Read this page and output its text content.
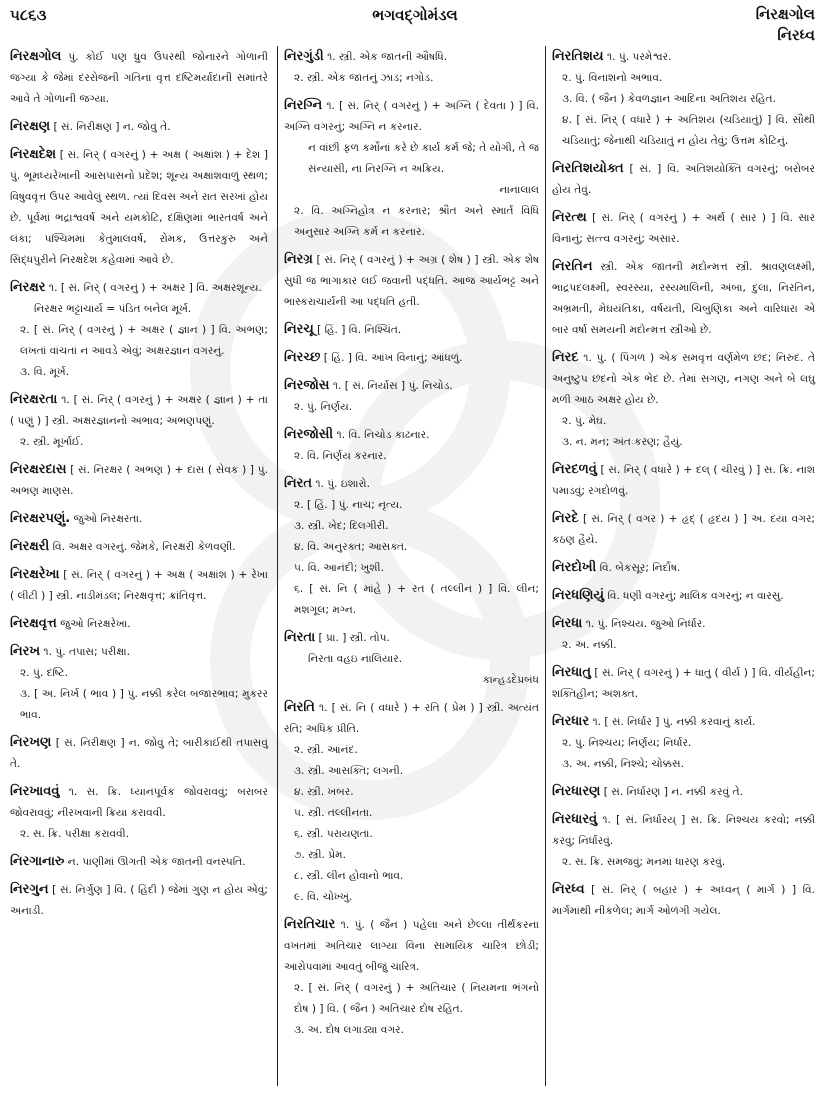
૫૮૬૩	ભગવદ્ગોમંડલ	નિરક્ષગોલ
નિરધ્વ
નિરક્ષગોલ પું. કોઈ પણ ધ્રુવ ઉપરથી જોનારને ગોળાની જગ્યા કે જેમાં દરરોજની ગતિના વૃત્ત દષ્ટિમર્યાદાની સમાંતરે આવે તે ગોળાની જગ્યા.
નિરક્ષણ [ સં. નિરીક્ષણ ] ન. જોવું તે.
નિરક્ષદેશ [ સં. નિર્ ( વગરનું ) + અક્ષ ( અક્ષાંશ ) + દેશ ] પું. ભૂમધ્યરેખાની આસપાસનો પ્રદેશ; શૂન્ય અક્ષાંશવાળું સ્થળ; વિષુવવૃત્ત ઉપર આવેલું સ્થળ. ત્યાં દિવસ અને રાત સરખાં હોય છે. પૂર્વમાં ભદ્રાશ્વવર્ષ અને યમકોટિ, દક્ષિણમાં ભારતવર્ષ અને લંકા; પશ્ચિમમાં કેતુમાલવર્ષ, રોમક, ઉત્તરકુરુ અને સિદ્ધપુરીને નિરક્ષદેશ કહેવામાં આવે છે.
નિરક્ષર ૧. [ સં. નિર્ ( વગરનું ) + અક્ષર ] વિ. અક્ષરશૂન્ય.
નિરક્ષર ભટ્ટાચાર્ય = પંડિત બનેલ મૂર્ખ.
૨. [ સં. નિર્ ( વગરનું ) + અક્ષર ( જ્ઞાન ) ] વિ. અભણ; લખતાં વાંચતાં ન આવડે એવું; અક્ષરજ્ઞાન વગરનું.
૩. વિ. મૂર્ખ.
નિરક્ષરતા ૧. [ સં. નિર્ ( વગરનું ) + અક્ષર ( જ્ઞાન ) + તા ( પણું ) ] સ્ત્રી. અક્ષરજ્ઞાનનો અભાવ; અભણપણું.
૨. સ્ત્રી. મૂર્ખાઈ.
નિરક્ષરદાસ [ સં. નિરક્ષર ( અભણ ) + દાસ ( સેવક ) ] પું. અભણ માણસ.
નિરક્ષરપણું. જુઓ નિરક્ષરતા.
નિરક્ષરી વિ. અક્ષર વગરનું. જેમકે, નિરક્ષરી કેળવણી.
નિરક્ષરેખા [ સં. નિર્ ( વગરનું ) + અક્ષ ( અક્ષાંશ ) + રેખા ( લીટી ) ] સ્ત્રી. નાડીમંડલ; નિરક્ષવૃત્ત; ક્રાંતિવૃત્ત.
નિરક્ષવૃત્ત જુઓ નિરક્ષરેખા.
નિરખ ૧. પું. તપાસ; પરીક્ષા.
૨. પું. દષ્ટિ.
૩. [ અ. નિર્ખ ( ભાવ ) ] પું. નક્કી કરેલ બજારભાવ; મુકરર ભાવ.
નિરખણ [ સં. નિરીક્ષણ ] ન. જોવું તે; બારીકાઈથી તપાસવું તે.
નિરખાવવું ૧. સ. ક્રિ. ધ્યાનપૂર્વક જોવરાવવું; બરાબર જોવરાવવું; નીરખવાની ક્રિયા કરાવવી.
૨. સ. ક્રિ. પરીક્ષા કરાવવી.
નિરગાનારુ ન. પાણીમાં ઊગતી એક જાતની વનસ્પતિ.
નિરગુન [ સં. નિર્ગુણ ] વિ. ( હિંદી ) જેમાં ગુણ ન હોય એવું; અનાડી.
નિરગુંડી ૧. સ્ત્રી. એક જાતની ઔષધિ.
૨. સ્ત્રી. એક જાતનું ઝાડ; નગોડ.
નિરગ્નિ ૧. [ સં. નિર્ ( વગરનું ) + અગ્નિ ( દેવતા ) ] વિ. અગ્નિ વગરનું; અગ્નિ ન કરનાર.
ન વાંછી ફળ કર્મોનાં કરે છે કાર્ય કર્મ જે; તે યોગી, તે જ સંન્યાસી, ના નિરગ્નિ ન અક્રિય.
નાનાલાલ
૨. વિ. અગ્નિહોત્ર ન કરનાર; શ્રૌત અને સ્માર્ત વિધિ અનુસાર અગ્નિ કર્મ ન કરનાર.
નિરગ્ર [ સં. નિર્ ( વગરનું ) + અગ્ર ( શેષ ) ] સ્ત્રી. એક શેષ સુધી જ ભાગાકાર લઈ જવાની પદ્ધતિ. આજ આર્યભટ્ટ અને ભાસ્કરાચાર્યની આ પદ્ધતિ હતી.
નિરચૂ [ હિં. ] વિ. નિશ્ચિંત.
નિરચ્છ [ હિં. ] વિ. આંખ વિનાનું; આંધળું.
નિરજોસ ૧. [ સં. નિર્યાસ ] પું. નિચોડ.
૨. પું. નિર્ણય.
નિરજોસી ૧. વિ. નિચોડ કાઢનાર.
૨. વિ. નિર્ણય કરનાર.
નિરત ૧. પું. ઇશારો.
૨. [ હિં. ] પું. નાચ; નૃત્ય.
૩. સ્ત્રી. ખેદ; દિલગીરી.
૪. વિ. અનુરક્ત; આસક્ત.
૫. વિ. આનંદી; ખુશી.
૬. [ સં. નિ ( માંહે ) + રત ( તલ્લીન ) ] વિ. લીન; મશગૂલ; મગ્ન.
નિરતા [ પ્રા. ] સ્ત્રી. તોપ.
નિરતા વહઇ નાલિયાર.
કાન્હડદેપ્રબંધ
નિરતિ ૧. [ સં. નિ ( વધારે ) + રતિ ( પ્રેમ ) ] સ્ત્રી. અત્યંત રતિ; અધિક પ્રીતિ.
૨. સ્ત્રી. આનંદ.
૩. સ્ત્રી. આસક્તિ; લગની.
૪. સ્ત્રી. ખબર.
૫. સ્ત્રી. તલ્લીનતા.
૬. સ્ત્રી. પરાયણતા.
૭. સ્ત્રી. પ્રેમ.
૮. સ્ત્રી. લીન હોવાનો ભાવ.
૯. વિ. ચોખ્ખું.
નિરતિચાર ૧. પું. ( જૈન ) પહેલા અને છેલ્લા તીર્થંકરના વખતમાં અતિચાર લાગ્યા વિના સામાયિક ચારિત્ર છોડી; આરોપવામાં આવતું બીજું ચારિત્ર.
૨. [ સં. નિર્ ( વગરનું ) + અતિચાર ( નિયમના ભંગનો દોષ ) ] વિ. ( જૈન ) અતિચાર દોષ રહિત.
૩. અ. દોષ લગાડ્યા વગર.
નિરતિશય ૧. પું. પરમેશ્વર.
૨. પું. વિનાશનો અભાવ.
૩. વિ. ( જૈન ) કેવળજ્ઞાન આદિના અતિશય રહિત.
૪. [ સં. નિર્ ( વધારે ) + અતિશય (ચડિયાતું) ] વિ. સૌથી ચડિયાતું; જેનાથી ચડિયાતું ન હોય તેવું; ઉત્તમ કોટિનું.
નિરતિશયોક્ત [ સં. ] વિ. અતિશયોક્તિ વગરનું; બરોબર હોય તેવું.
નિરત્થ [ સં. નિર્ ( વગરનું ) + અર્થ ( સાર ) ] વિ. સાર વિનાનું; સત્ત્વ વગરનું; અસાર.
નિરતિન સ્ત્રી. એક જાતની મદોન્મત્ત સ્ત્રી. શ્રાવણલક્ષ્મી, ભાદ્રપદલક્ષ્મી, સ્વરસ્યા, રસ્યમાલિની, અંબા, દુલા, નિરતિન, અભ્રમતી, મેઘયંતિકા, વર્ષયતી, ચિબુણિકા અને વારિધારા એ બાર વર્ષા સમયની મદોન્મત્ત સ્ત્રીઓ છે.
નિરદ ૧. પું. ( પિંગળ ) એક સમવૃત્ત વર્ણમેળ છંદ; નિરુદ. તે અનુષ્ટુપ છંદનો એક ભેદ છે. તેમાં સગણ, નગણ અને બે લઘુ મળી આઠ અક્ષર હોય છે.
૨. પું. મેઘ.
૩. ન. મન; અંતઃકરણ; હૈયું.
નિરદળવું [ સં. નિર્ ( વધારે ) + દલ્ ( ચીરવું ) ] સ. ક્રિ. નાશ પમાડવું; રગદોળવું.
નિરદે [ સં. નિર્ ( વગર ) + હૃદ્ ( હૃદય ) ] અ. દયા વગર; કઠણ હૈયે.
નિરદોખી વિ. બેકસૂર; નિર્દોષ.
નિરધણિયું વિ. ધણી વગરનું; માલિક વગરનું; ન વારસુ.
નિરધા ૧. પું. નિશ્ચય. જુઓ નિર્ધાર.
૨. અ. નક્કી.
નિરધાતુ [ સં. નિર્ ( વગરનું ) + ધાતુ ( વીર્ય ) ] વિ. વીર્યહીન; શક્તિહીન; અશક્ત.
નિરધાર ૧. [ સં. નિર્ધાર ] પું. નક્કી કરવાનું કાર્ય.
૨. પું. નિશ્ચય; નિર્ણય; નિર્ધાર.
૩. અ. નક્કી, નિશ્ચે; ચોક્કસ.
નિરધારણ [ સં. નિર્ધારણ ] ન. નક્કી કરવું તે.
નિરધારવું ૧. [ સં. નિર્ધારય્ ] સ. ક્રિ. નિશ્ચય કરવો; નક્કી કરવું; નિર્ધારવું.
૨. સ. ક્રિ. સમજવું; મનમાં ધારણ કરવું.
નિરધ્વ [ સં. નિર્ ( બહાર ) + અધ્વન્ ( માર્ગ ) ] વિ. માર્ગમાંથી નીકળેલ; માર્ગ ઓળંગી ગયેલ.
